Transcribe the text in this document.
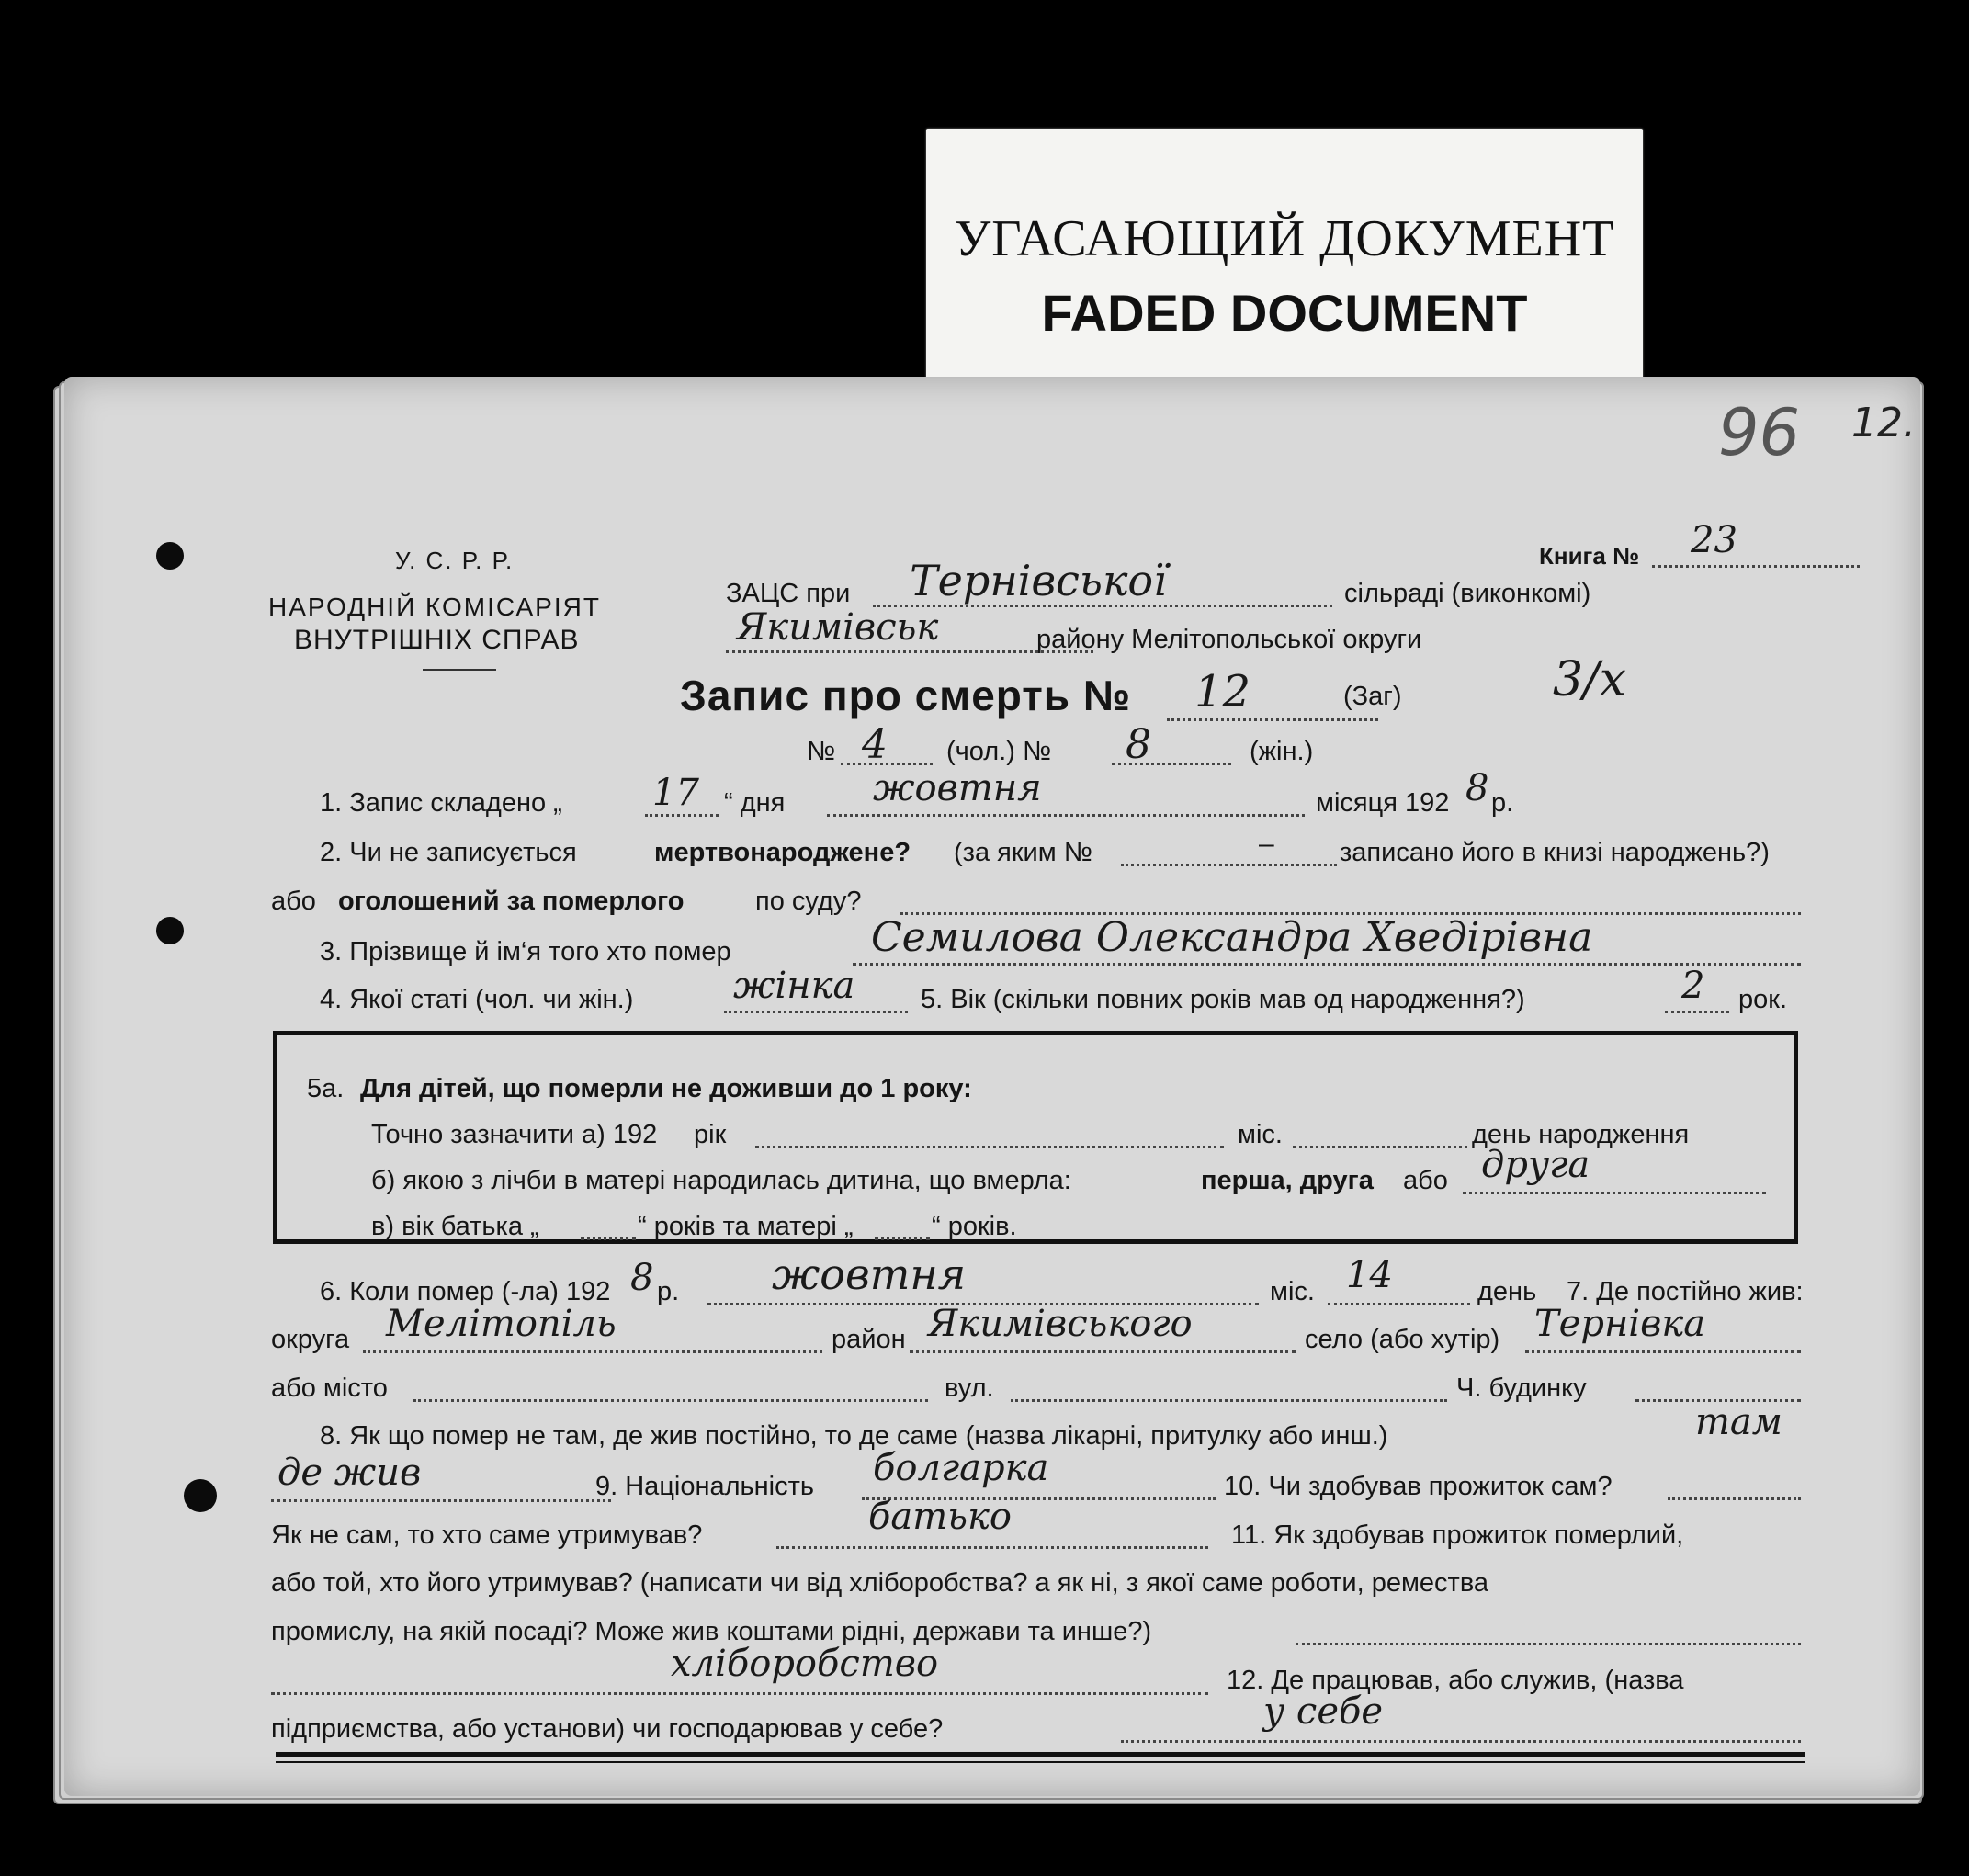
УГАСАЮЩИЙ ДОКУМЕНТ
FADED DOCUMENT
96 12.
У. С. Р. Р.
НАРОДНІЙ КОМІСАРІЯТ
ВНУТРІШНІХ СПРАВ
Книга № 23
ЗАЦС при Тернівської	сільраді (виконкомі)
Якимівськ	району Мелітопольської округи
Запис про смерть № 12	(Заг)	3/х
№ 4 (чол.) № 8	(жін.)
1. Запис складено „ 17 “ дня жовтня	місяця 192 8 р.
2. Чи не записується	мертвонароджене? (за яким №	– записано його в книзі народжень?)
або оголошений за померлого	по суду?
3. Прізвище й ім‘я того хто помер	Семилова Олександра Хведірівна
4. Якої статі (чол. чи жін.)	жінка 5. Вік (скільки повних років мав од народження?)	2 рок.
5а. Для дітей, що померли не доживши до 1 року:
Точно зазначити а) 192 рік	міс.	день народження
б) якою з лічби в матері народилась дитина, що вмерла:	перша, друга або друга
в) вік батька „	“ років та матері „	“ років.
6. Коли помер (-ла) 192 8 р. жовтня	міс. 14	день 7. Де постійно жив:
округа Мелітопіль	район Якимівського	село (або хутір) Тернівка
або місто	вул.	Ч. будинку
8. Як що помер не там, де жив постійно, то де саме (назва лікарні, притулку або инш.)	там
де жив	9. Національність болгарка	10. Чи здобував прожиток сам?
Як не сам, то хто саме утримував?	батько	11. Як здобував прожиток померлий,
або той, хто його утримував? (написати чи від хліборобства? а як ні, з якої саме роботи, ремества
промислу, на якій посаді? Може жив коштами рідні, держави та инше?)
хліборобство	12. Де працював, або служив, (назва
підприємства, або установи) чи господарював у себе?	у себе
